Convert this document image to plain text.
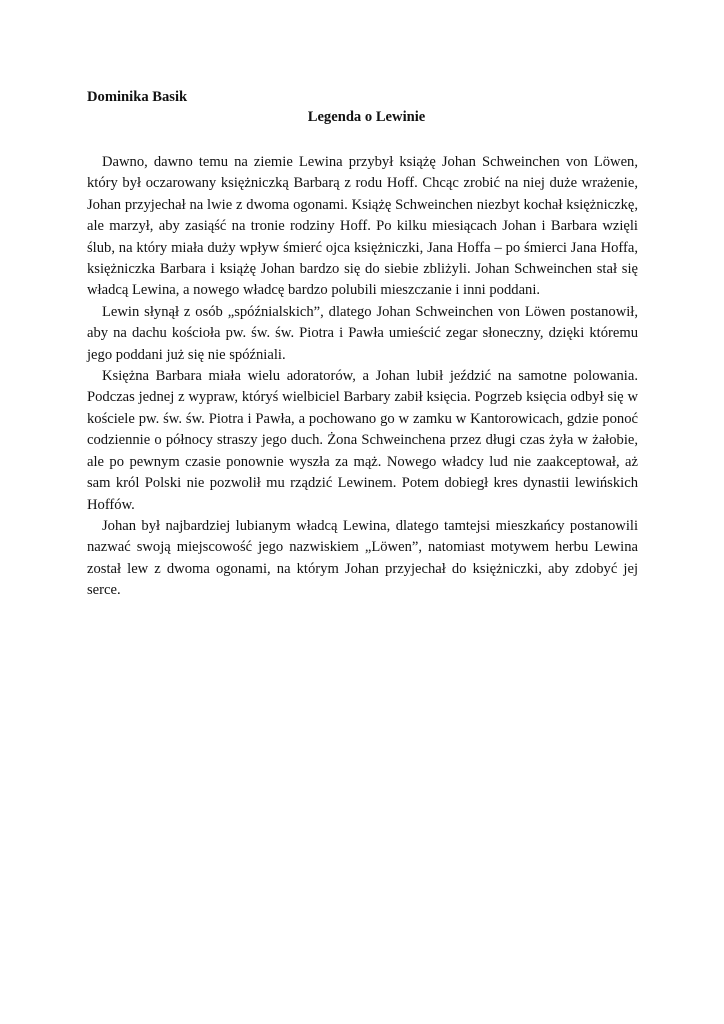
Dominika Basik

Legenda o Lewinie

Dawno, dawno temu na ziemie Lewina przybył książę Johan Schweinchen von Löwen, który był oczarowany księżniczką Barbarą z rodu Hoff. Chcąc zrobić na niej duże wrażenie, Johan przyjechał na lwie z dwoma ogonami. Książę Schweinchen niezbyt kochał księżniczkę, ale marzył, aby zasiąść na tronie rodziny Hoff. Po kilku miesiącach Johan i Barbara wzięli ślub, na który miała duży wpływ śmierć ojca księżniczki, Jana Hoffa – po śmierci Jana Hoffa, księżniczka Barbara i książę Johan bardzo się do siebie zbliżyli. Johan Schweinchen stał się władcą Lewina, a nowego władcę bardzo polubili mieszczanie i inni poddani.

Lewin słynął z osób „spóźnialskich”, dlatego Johan Schweinchen von Löwen postanowił, aby na dachu kościoła pw. św. św. Piotra i Pawła umieścić zegar słoneczny, dzięki któremu jego poddani już się nie spóźniali.

Księżna Barbara miała wielu adoratorów, a Johan lubił jeździć na samotne polowania. Podczas jednej z wypraw, któryś wielbiciel Barbary zabił księcia. Pogrzeb księcia odbył się w kościele pw. św. św. Piotra i Pawła, a pochowano go w zamku w Kantorowicach, gdzie ponoć codziennie o północy straszy jego duch. Żona Schweinchena przez długi czas żyła w żałobie, ale po pewnym czasie ponownie wyszła za mąż. Nowego władcy lud nie zaakceptował, aż sam król Polski nie pozwolił mu rządzić Lewinem. Potem dobiegł kres dynastii lewińskich Hoffów.

Johan był najbardziej lubianym władcą Lewina, dlatego tamtejsi mieszkańcy postanowili nazwać swoją miejscowość jego nazwiskiem „Löwen”, natomiast motywem herbu Lewina został lew z dwoma ogonami, na którym Johan przyjechał do księżniczki, aby zdobyć jej serce.
